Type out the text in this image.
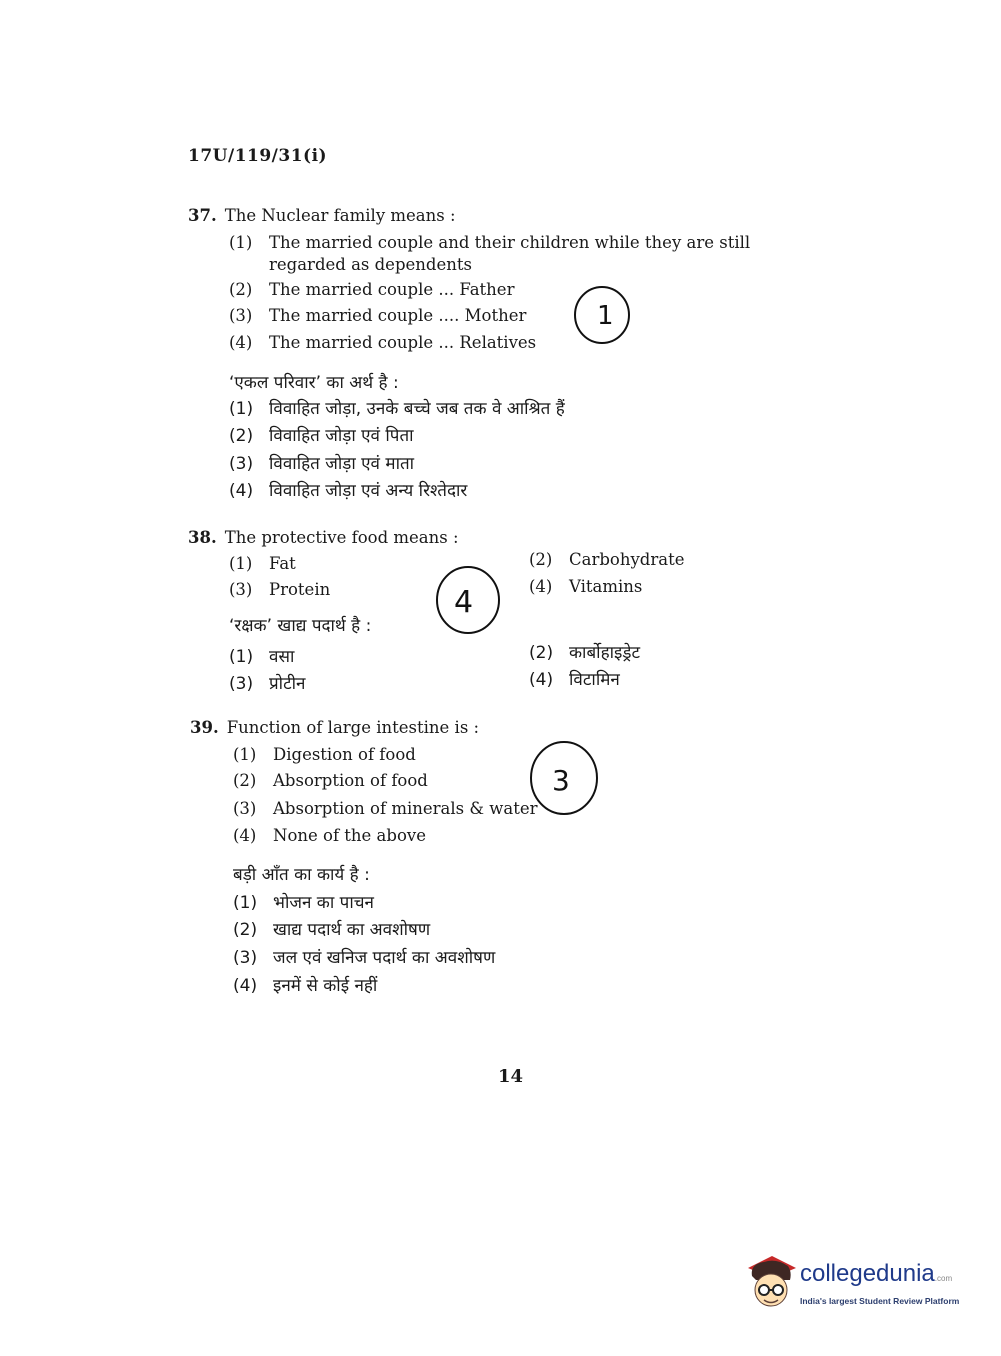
17U/119/31(i)
37. The Nuclear family means :
(1) The married couple and their children while they are still regarded as dependents
(2) The married couple ... Father
(3) The married couple .... Mother
(4) The married couple ... Relatives
1
‘एकल परिवार’ का अर्थ है :
(1) विवाहित जोड़ा, उनके बच्चे जब तक वे आश्रित हैं
(2) विवाहित जोड़ा एवं पिता
(3) विवाहित जोड़ा एवं माता
(4) विवाहित जोड़ा एवं अन्य रिश्तेदार
38. The protective food means :
(1) Fat	(2) Carbohydrate
(3) Protein	(4) Vitamins
4
‘रक्षक’ खाद्य पदार्थ है :
(1) वसा	(2) कार्बोहाइड्रेट
(3) प्रोटीन	(4) विटामिन
39. Function of large intestine is :
(1) Digestion of food
(2) Absorption of food
(3) Absorption of minerals & water
(4) None of the above
3
बड़ी आँत का कार्य है :
(1) भोजन का पाचन
(2) खाद्य पदार्थ का अवशोषण
(3) जल एवं खनिज पदार्थ का अवशोषण
(4) इनमें से कोई नहीं
14
collegedunia.com
India's largest Student Review Platform
